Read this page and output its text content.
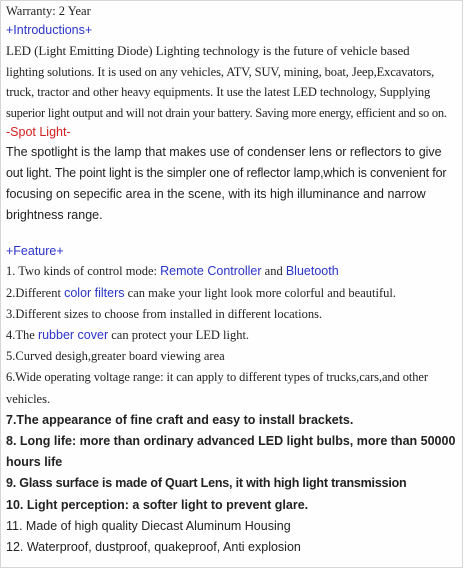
Warranty: 2 Year

+Introductions+

LED (Light Emitting Diode) Lighting technology is the future of vehicle based

lighting solutions. It is used on any vehicles, ATV, SUV, mining, boat, Jeep,Excavators,

truck, tractor and other heavy equipments. It use the latest LED technology, Supplying

superior light output and will not drain your battery. Saving more energy, efficient and so on.

-Spot Light-

The spotlight is the lamp that makes use of condenser lens or reflectors to give

out light. The point light is the simpler one of reflector lamp,which is convenient for

focusing on sepecific area in the scene, with its high illuminance and narrow

brightness range.

+Feature+

1. Two kinds of control mode: Remote Controller and Bluetooth

2.Different color filters can make your light look more colorful and beautiful.

3.Different sizes to choose from installed in different locations.

4.The rubber cover can protect your LED light.

5.Curved desigh,greater board viewing area

6.Wide operating voltage range: it can apply to different types of trucks,cars,and other

vehicles.

7.The appearance of fine craft and easy to install brackets.

8. Long life: more than ordinary advanced LED light bulbs, more than 50000

hours life

9. Glass surface is made of Quart Lens, it with high light transmission

10. Light perception: a softer light to prevent glare.

11. Made of high quality Diecast Aluminum Housing

12. Waterproof, dustproof, quakeproof, Anti explosion
